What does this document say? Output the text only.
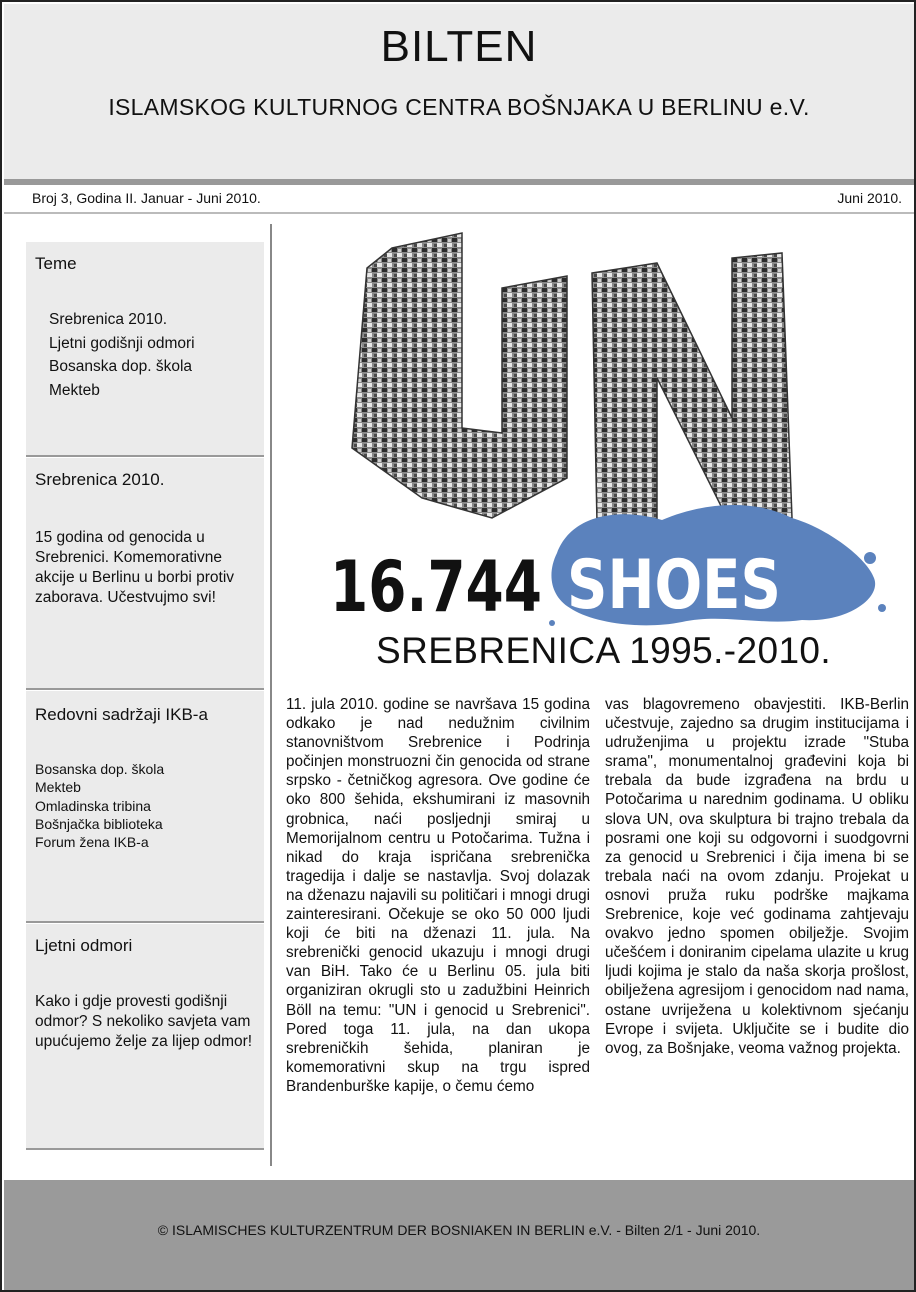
BILTEN
ISLAMSKOG KULTURNOG CENTRA BOŠNJAKA U BERLINU e.V.
Broj 3, Godina II. Januar - Juni 2010.	Juni 2010.
Teme
Srebrenica 2010.
Ljetni godišnji odmori
Bosanska dop. škola
Mekteb
Srebrenica 2010.
15 godina od genocida u Srebrenici. Komemorativne akcije u Berlinu u borbi protiv zaborava. Učestvujmo svi!
Redovni sadržaji IKB-a
Bosanska dop. škola
Mekteb
Omladinska tribina
Bošnjačka biblioteka
Forum žena IKB-a
Ljetni odmori
Kako i gdje provesti godišnji odmor? S nekoliko savjeta vam upućujemo želje za lijep odmor!
16.744 SHOES
SREBRENICA 1995.-2010.
11. jula 2010. godine se navršava 15 godina odkako je nad nedužnim civilnim stanovništvom Srebrenice i Podrinja počinjen monstruozni čin genocida od strane srpsko - četničkog agresora. Ove godine će oko 800 šehida, ekshumirani iz masovnih grobnica, naći posljednji smiraj u Memorijalnom centru u Potočarima. Tužna i nikad do kraja ispričana srebrenička tragedija i dalje se nastavlja. Svoj dolazak na dženazu najavili su političari i mnogi drugi zainteresirani. Očekuje se oko 50 000 ljudi koji će biti na dženazi 11. jula. Na srebrenički genocid ukazuju i mnogi drugi van BiH. Tako će u Berlinu 05. jula biti organiziran okrugli sto u zadužbini Heinrich Böll na temu: "UN i genocid u Srebrenici". Pored toga 11. jula, na dan ukopa srebreničkih šehida, planiran je komemorativni skup na trgu ispred Brandenburške kapije, o čemu ćemo
vas blagovremeno obavjestiti. IKB-Berlin učestvuje, zajedno sa drugim institucijama i udruženjima u projektu izrade "Stuba srama", monumentalnoj građevini koja bi trebala da bude izgrađena na brdu u Potočarima u narednim godinama. U obliku slova UN, ova skulptura bi trajno trebala da posrami one koji su odgovorni i suodgovrni za genocid u Srebrenici i čija imena bi se trebala naći na ovom zdanju. Projekat u osnovi pruža ruku podrške majkama Srebrenice, koje već godinama zahtjevaju ovakvo jedno spomen obilježje. Svojim učešćem i doniranim cipelama ulazite u krug ljudi kojima je stalo da naša skorja prošlost, obilježena agresijom i genocidom nad nama, ostane uvriježena u kolektivnom sjećanju Evrope i svijeta. Uključite se i budite dio ovog, za Bošnjake, veoma važnog projekta.
© ISLAMISCHES KULTURZENTRUM DER BOSNIAKEN IN BERLIN e.V. - Bilten 2/1 - Juni 2010.
